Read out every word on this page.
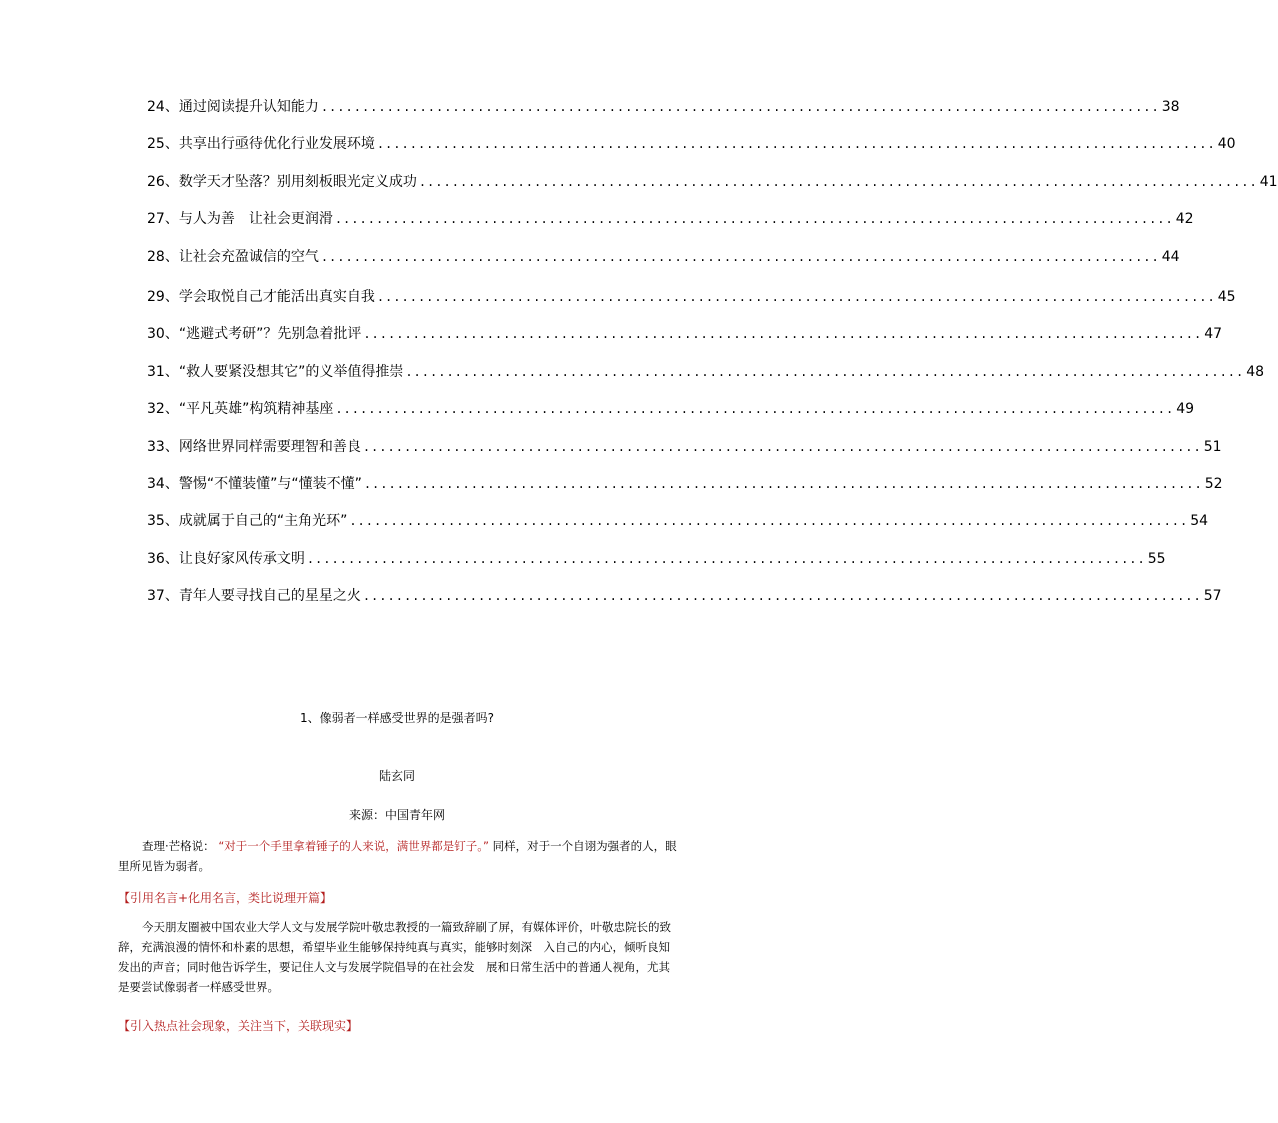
24、通过阅读提升认知能力 ...................................................................................................... 38
25、共享出行亟待优化行业发展环境 ...................................................................................................... 40
26、数学天才坠落？别用刻板眼光定义成功 ...................................................................................................... 41
27、与人为善　让社会更润滑 ...................................................................................................... 42
28、让社会充盈诚信的空气 ...................................................................................................... 44
29、学会取悦自己才能活出真实自我 ...................................................................................................... 45
30、“逃避式考研”？先别急着批评 ...................................................................................................... 47
31、“救人要紧没想其它”的义举值得推崇 ...................................................................................................... 48
32、“平凡英雄”构筑精神基座 ...................................................................................................... 49
33、网络世界同样需要理智和善良 ...................................................................................................... 51
34、警惕“不懂装懂”与“懂装不懂” ...................................................................................................... 52
35、成就属于自己的“主角光环” ...................................................................................................... 54
36、让良好家风传承文明 ...................................................................................................... 55
37、青年人要寻找自己的星星之火 ...................................................................................................... 57
1、像弱者一样感受世界的是强者吗?
陆玄同
来源：中国青年网
查理·芒格说： “对于一个手里拿着锤子的人来说，满世界都是钉子。” 同样，对于一个自诩为强者的人，眼里所见皆为弱者。
【引用名言+化用名言，类比说理开篇】
今天朋友圈被中国农业大学人文与发展学院叶敬忠教授的一篇致辞刷了屏，有媒体评价，叶敬忠院长的致辞，充满浪漫的情怀和朴素的思想，希望毕业生能够保持纯真与真实，能够时刻深　入自己的内心，倾听良知发出的声音；同时他告诉学生，要记住人文与发展学院倡导的在社会发　展和日常生活中的普通人视角，尤其是要尝试像弱者一样感受世界。
【引入热点社会现象，关注当下，关联现实】
